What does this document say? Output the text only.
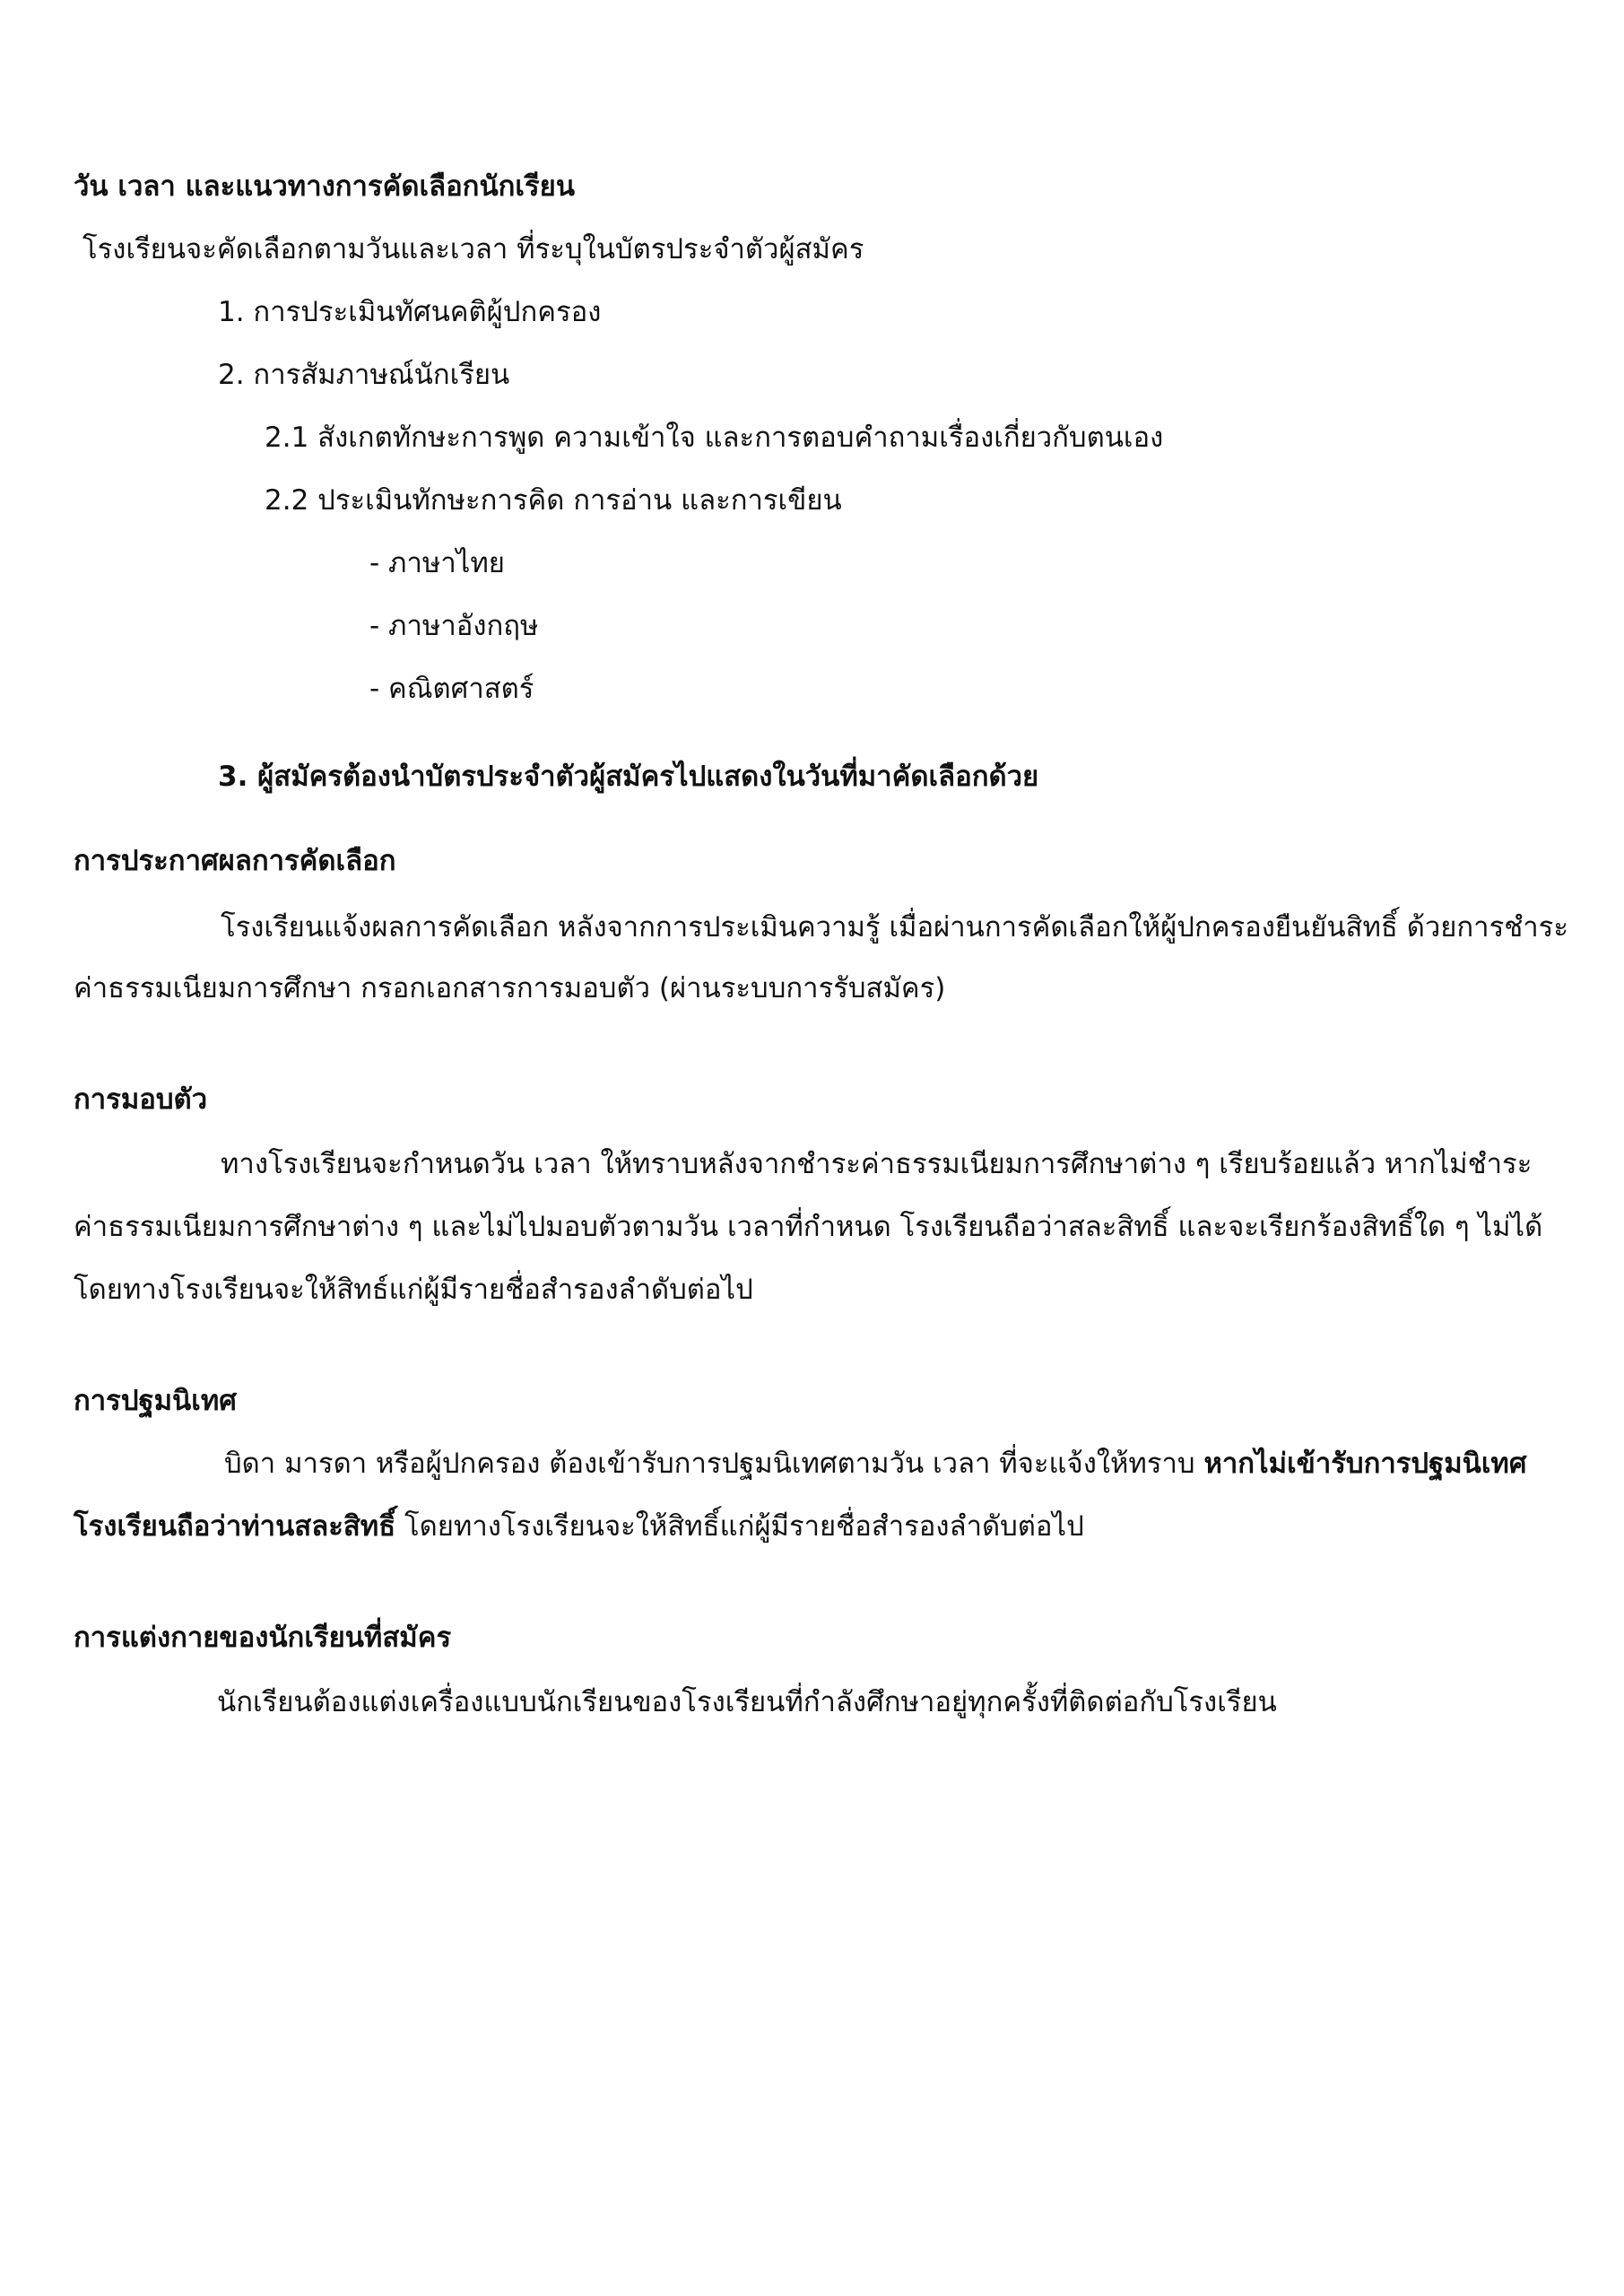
วัน เวลา และแนวทางการคัดเลือกนักเรียน
โรงเรียนจะคัดเลือกตามวันและเวลา ที่ระบุในบัตรประจำตัวผู้สมัคร
1. การประเมินทัศนคติผู้ปกครอง
2. การสัมภาษณ์นักเรียน
2.1 สังเกตทักษะการพูด ความเข้าใจ และการตอบคำถามเรื่องเกี่ยวกับตนเอง
2.2 ประเมินทักษะการคิด การอ่าน และการเขียน
- ภาษาไทย
- ภาษาอังกฤษ
- คณิตศาสตร์
3. ผู้สมัครต้องนำบัตรประจำตัวผู้สมัครไปแสดงในวันที่มาคัดเลือกด้วย
การประกาศผลการคัดเลือก
โรงเรียนแจ้งผลการคัดเลือก หลังจากการประเมินความรู้ เมื่อผ่านการคัดเลือกให้ผู้ปกครองยืนยันสิทธิ์ ด้วยการชำระ
ค่าธรรมเนียมการศึกษา กรอกเอกสารการมอบตัว (ผ่านระบบการรับสมัคร)
การมอบตัว
ทางโรงเรียนจะกำหนดวัน เวลา ให้ทราบหลังจากชำระค่าธรรมเนียมการศึกษาต่าง ๆ เรียบร้อยแล้ว หากไม่ชำระ
ค่าธรรมเนียมการศึกษาต่าง ๆ และไม่ไปมอบตัวตามวัน เวลาที่กำหนด โรงเรียนถือว่าสละสิทธิ์ และจะเรียกร้องสิทธิ์ใด ๆ ไม่ได้
โดยทางโรงเรียนจะให้สิทธ์แก่ผู้มีรายชื่อสำรองลำดับต่อไป
การปฐมนิเทศ
บิดา มารดา หรือผู้ปกครอง ต้องเข้ารับการปฐมนิเทศตามวัน เวลา ที่จะแจ้งให้ทราบ หากไม่เข้ารับการปฐมนิเทศ
โรงเรียนถือว่าท่านสละสิทธิ์ โดยทางโรงเรียนจะให้สิทธิ์แก่ผู้มีรายชื่อสำรองลำดับต่อไป
การแต่งกายของนักเรียนที่สมัคร
นักเรียนต้องแต่งเครื่องแบบนักเรียนของโรงเรียนที่กำลังศึกษาอยู่ทุกครั้งที่ติดต่อกับโรงเรียน
